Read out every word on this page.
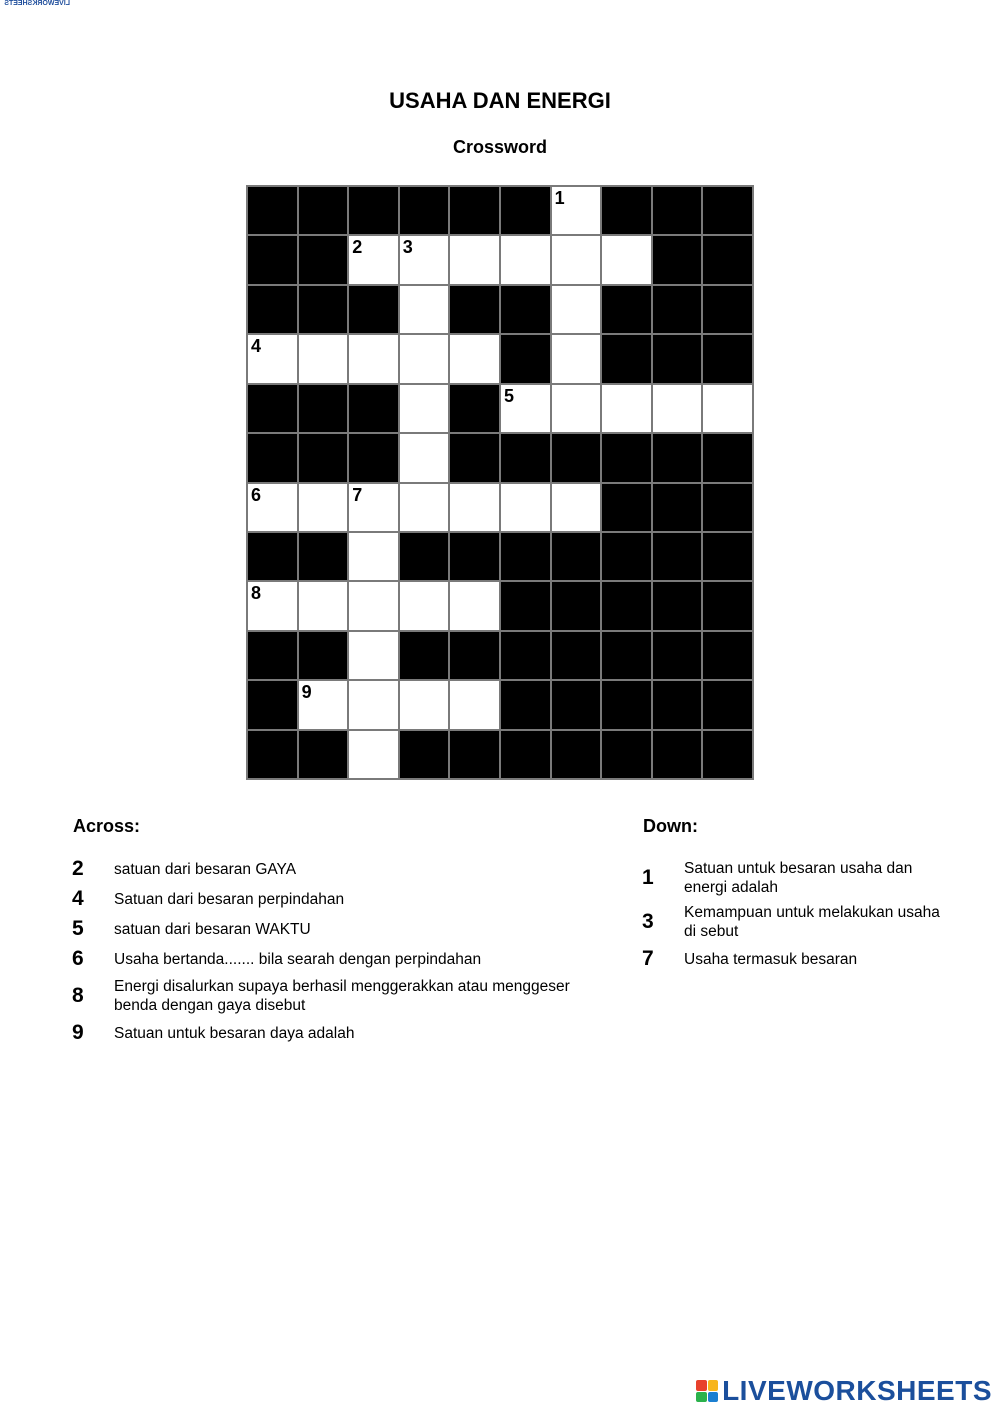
LIVEWORKSHEETS
USAHA DAN ENERGI
Crossword
1
2 3
4
5
6	7
8
9
Across:
2	satuan dari besaran GAYA
4	Satuan dari besaran perpindahan
5	satuan dari besaran WAKTU
6	Usaha bertanda....... bila searah dengan perpindahan
8	Energi disalurkan supaya berhasil menggerakkan atau menggeser benda dengan gaya disebut
9	Satuan untuk besaran daya adalah
Down:
1	Satuan untuk besaran usaha dan energi adalah
3	Kemampuan untuk melakukan usaha di sebut
7	Usaha termasuk besaran
LIVEWORKSHEETS
